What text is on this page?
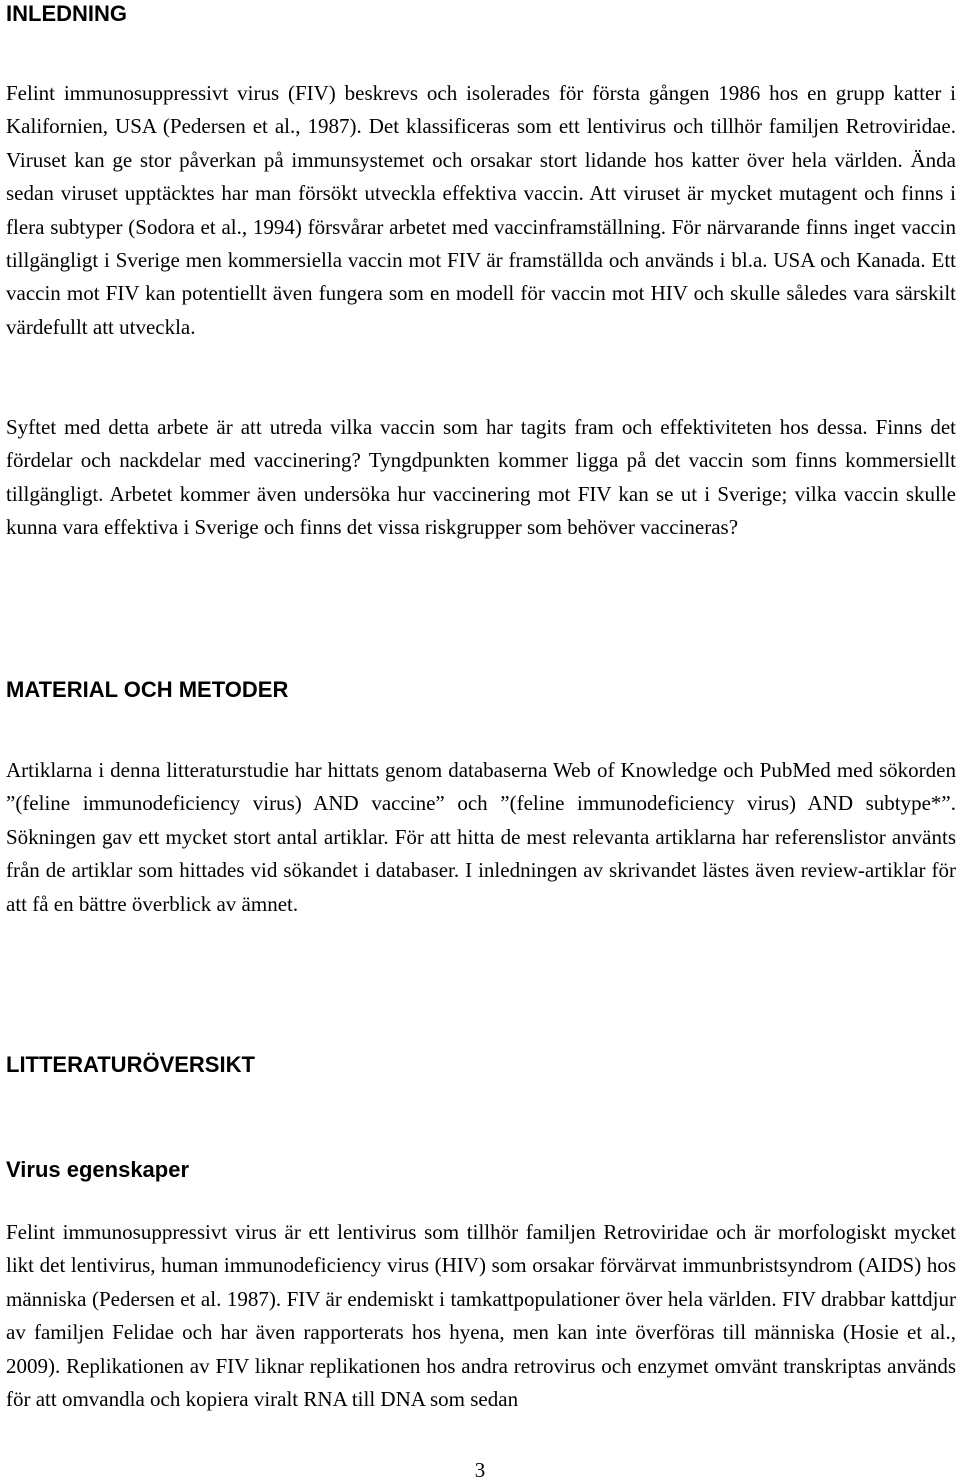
INLEDNING

Felint immunosuppressivt virus (FIV) beskrevs och isolerades för första gången 1986 hos en grupp katter i Kalifornien, USA (Pedersen et al., 1987). Det klassificeras som ett lentivirus och tillhör familjen Retroviridae. Viruset kan ge stor påverkan på immunsystemet och orsakar stort lidande hos katter över hela världen. Ända sedan viruset upptäcktes har man försökt utveckla effektiva vaccin. Att viruset är mycket mutagent och finns i flera subtyper (Sodora et al., 1994) försvårar arbetet med vaccinframställning. För närvarande finns inget vaccin tillgängligt i Sverige men kommersiella vaccin mot FIV är framställda och används i bl.a. USA och Kanada. Ett vaccin mot FIV kan potentiellt även fungera som en modell för vaccin mot HIV och skulle således vara särskilt värdefullt att utveckla.

Syftet med detta arbete är att utreda vilka vaccin som har tagits fram och effektiviteten hos dessa. Finns det fördelar och nackdelar med vaccinering? Tyngdpunkten kommer ligga på det vaccin som finns kommersiellt tillgängligt. Arbetet kommer även undersöka hur vaccinering mot FIV kan se ut i Sverige; vilka vaccin skulle kunna vara effektiva i Sverige och finns det vissa riskgrupper som behöver vaccineras?

MATERIAL OCH METODER

Artiklarna i denna litteraturstudie har hittats genom databaserna Web of Knowledge och PubMed med sökorden ”(feline immunodeficiency virus) AND vaccine” och ”(feline immunodeficiency virus) AND subtype*”. Sökningen gav ett mycket stort antal artiklar. För att hitta de mest relevanta artiklarna har referenslistor använts från de artiklar som hittades vid sökandet i databaser. I inledningen av skrivandet lästes även review-artiklar för att få en bättre överblick av ämnet.

LITTERATURÖVERSIKT
Virus egenskaper

Felint immunosuppressivt virus är ett lentivirus som tillhör familjen Retroviridae och är morfologiskt mycket likt det lentivirus, human immunodeficiency virus (HIV) som orsakar förvärvat immunbristsyndrom (AIDS) hos människa (Pedersen et al. 1987). FIV är endemiskt i tamkattpopulationer över hela världen. FIV drabbar kattdjur av familjen Felidae och har även rapporterats hos hyena, men kan inte överföras till människa (Hosie et al., 2009). Replikationen av FIV liknar replikationen hos andra retrovirus och enzymet omvänt transkriptas används för att omvandla och kopiera viralt RNA till DNA som sedan

3
